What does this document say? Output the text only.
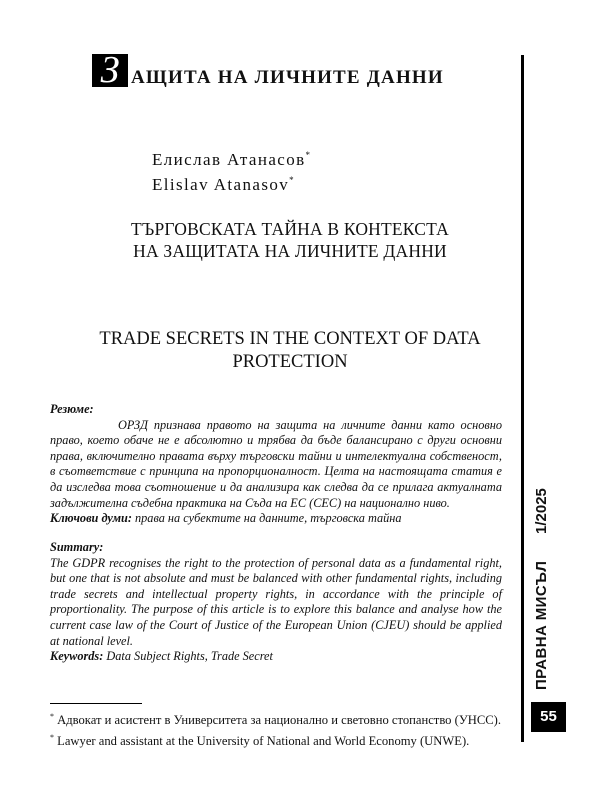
З АЩИТА НА ЛИЧНИТЕ ДАННИ
Елислав Атанасов*
Elislav Atanasov*
ТЪРГОВСКАТА ТАЙНА В КОНТЕКСТА
НА ЗАЩИТАТА НА ЛИЧНИТЕ ДАННИ
TRADE SECRETS IN THE CONTEXT OF DATA
PROTECTION
Резюме:
ОРЗД признава правото на защита на личните данни като основно право, което обаче не е абсолютно и трябва да бъде балансирано с други основни права, включително правата върху търговски тайни и интелектуална собственост, в съответствие с принципа на пропорционалност. Целта на настоящата статия е да изследва това съотношение и да анализира как следва да се прилага актуалната задължителна съдебна практика на Съда на ЕС (СЕС) на национално ниво.
Ключови думи: права на субектите на данните, търговска тайна
Summary:
The GDPR recognises the right to the protection of personal data as a fundamental right, but one that is not absolute and must be balanced with other fundamental rights, including trade secrets and intellectual property rights, in accordance with the principle of proportionality. The purpose of this article is to explore this balance and analyse how the current case law of the Court of Justice of the European Union (CJEU) should be applied at national level.
Keywords: Data Subject Rights, Trade Secret
* Адвокат и асистент в Университета за национално и световно стопанство (УНСС).
* Lawyer and assistant at the University of National and World Economy (UNWE).
ПРАВНА МИСЪЛ
1/2025
55
